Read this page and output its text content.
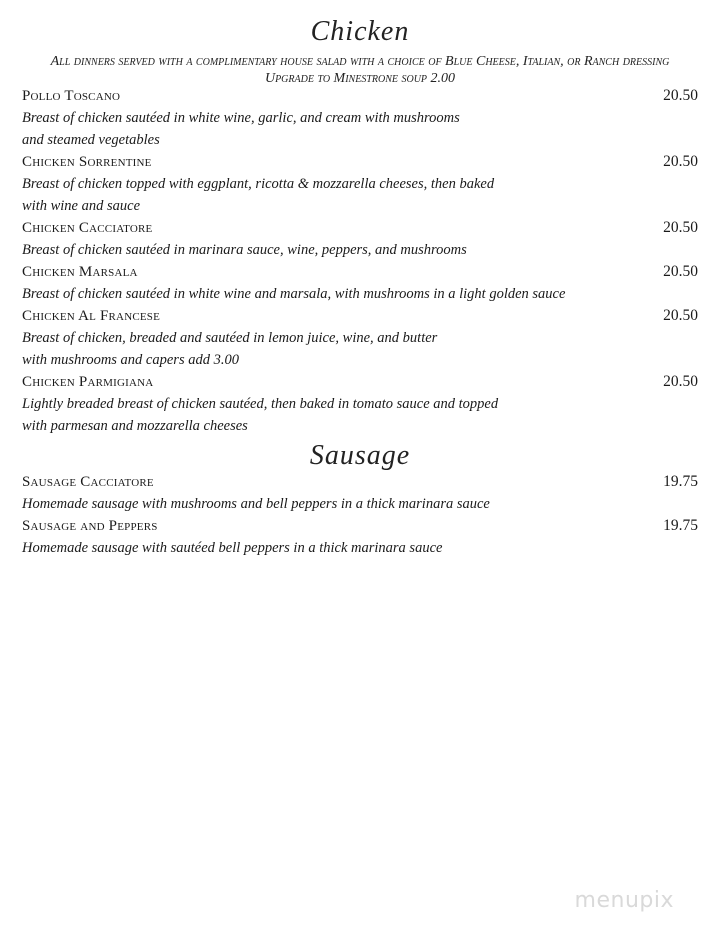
Chicken
All dinners served with a complimentary house salad with a choice of Blue Cheese, Italian, or Ranch dressing
Upgrade to Minestrone soup 2.00
Pollo Toscano	20.50
Breast of chicken sautéed in white wine, garlic, and cream with mushrooms
and steamed vegetables
Chicken Sorrentine	20.50
Breast of chicken topped with eggplant, ricotta & mozzarella cheeses, then baked
with wine and sauce
Chicken Cacciatore	20.50
Breast of chicken sautéed in marinara sauce, wine, peppers, and mushrooms
Chicken Marsala	20.50
Breast of chicken sautéed in white wine and marsala, with mushrooms in a light golden sauce
Chicken Al Francese	20.50
Breast of chicken, breaded and sautéed in lemon juice, wine, and butter
with mushrooms and capers add 3.00
Chicken Parmigiana	20.50
Lightly breaded breast of chicken sautéed, then baked in tomato sauce and topped
with parmesan and mozzarella cheeses
Sausage
Sausage Cacciatore	19.75
Homemade sausage with mushrooms and bell peppers in a thick marinara sauce
Sausage and Peppers	19.75
Homemade sausage with sautéed bell peppers in a thick marinara sauce
menupix
